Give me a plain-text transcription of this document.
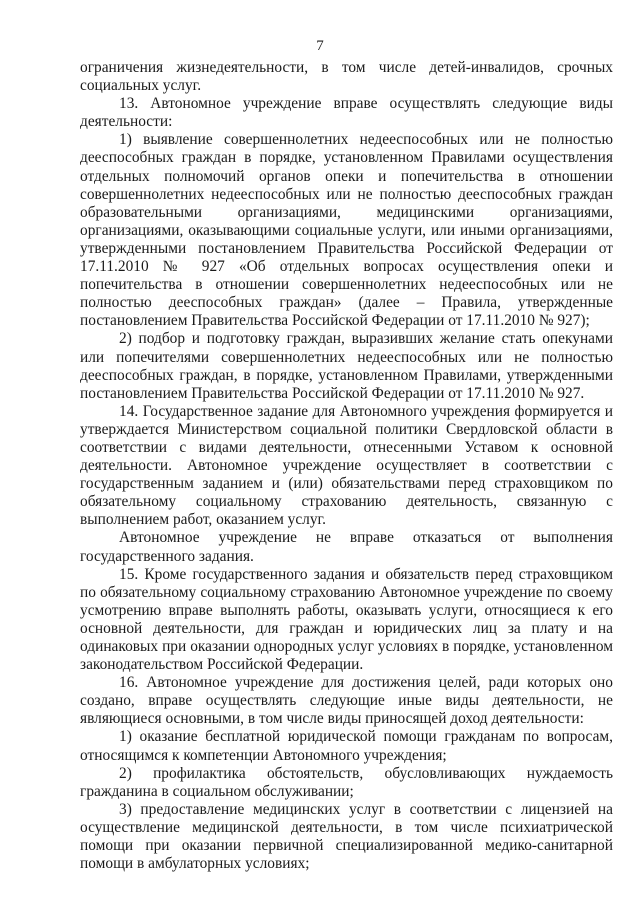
7

ограничения жизнедеятельности, в том числе детей-инвалидов, срочных социальных услуг.

13. Автономное учреждение вправе осуществлять следующие виды деятельности:

1) выявление совершеннолетних недееспособных или не полностью дееспособных граждан в порядке, установленном Правилами осуществления отдельных полномочий органов опеки и попечительства в отношении совершеннолетних недееспособных или не полностью дееспособных граждан образовательными организациями, медицинскими организациями, организациями, оказывающими социальные услуги, или иными организациями, утвержденными постановлением Правительства Российской Федерации от 17.11.2010 № 927 «Об отдельных вопросах осуществления опеки и попечительства в отношении совершеннолетних недееспособных или не полностью дееспособных граждан» (далее – Правила, утвержденные постановлением Правительства Российской Федерации от 17.11.2010 № 927);

2) подбор и подготовку граждан, выразивших желание стать опекунами или попечителями совершеннолетних недееспособных или не полностью дееспособных граждан, в порядке, установленном Правилами, утвержденными постановлением Правительства Российской Федерации от 17.11.2010 № 927.

14. Государственное задание для Автономного учреждения формируется и утверждается Министерством социальной политики Свердловской области в соответствии с видами деятельности, отнесенными Уставом к основной деятельности. Автономное учреждение осуществляет в соответствии с государственным заданием и (или) обязательствами перед страховщиком по обязательному социальному страхованию деятельность, связанную с выполнением работ, оказанием услуг.

Автономное учреждение не вправе отказаться от выполнения государственного задания.

15. Кроме государственного задания и обязательств перед страховщиком по обязательному социальному страхованию Автономное учреждение по своему усмотрению вправе выполнять работы, оказывать услуги, относящиеся к его основной деятельности, для граждан и юридических лиц за плату и на одинаковых при оказании однородных услуг условиях в порядке, установленном законодательством Российской Федерации.

16. Автономное учреждение для достижения целей, ради которых оно создано, вправе осуществлять следующие иные виды деятельности, не являющиеся основными, в том числе виды приносящей доход деятельности:

1) оказание бесплатной юридической помощи гражданам по вопросам, относящимся к компетенции Автономного учреждения;

2) профилактика обстоятельств, обусловливающих нуждаемость гражданина в социальном обслуживании;

3) предоставление медицинских услуг в соответствии с лицензией на осуществление медицинской деятельности, в том числе психиатрической помощи при оказании первичной специализированной медико-санитарной помощи в амбулаторных условиях;
